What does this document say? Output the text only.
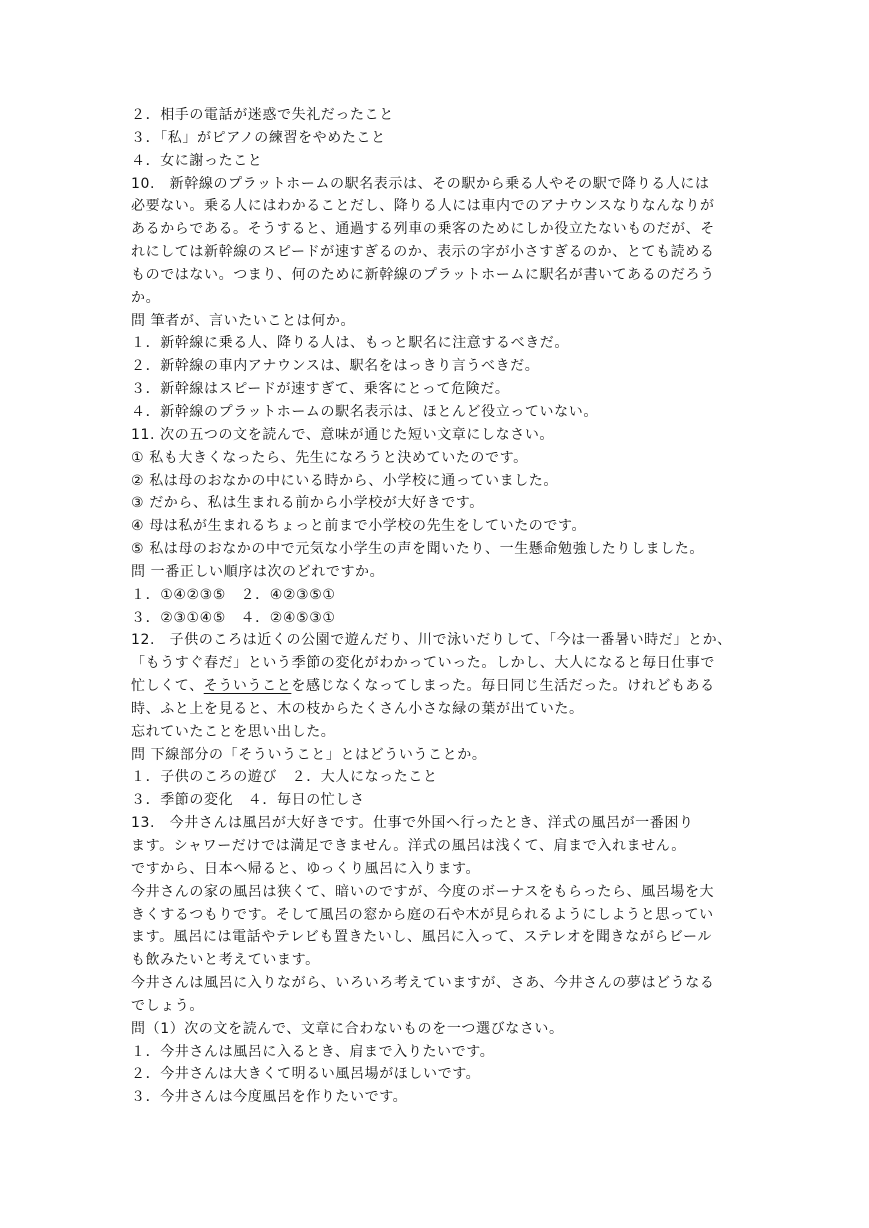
２．相手の電話が迷惑で失礼だったこと
３．「私」がピアノの練習をやめたこと
４．女に謝ったこと
10.　新幹線のプラットホームの駅名表示は、その駅から乗る人やその駅で降りる人には
必要ない。乗る人にはわかることだし、降りる人には車内でのアナウンスなりなんなりが
あるからである。そうすると、通過する列車の乗客のためにしか役立たないものだが、そ
れにしては新幹線のスピードが速すぎるのか、表示の字が小さすぎるのか、とても読める
ものではない。つまり、何のために新幹線のプラットホームに駅名が書いてあるのだろう
か。
問 筆者が、言いたいことは何か。
１．新幹線に乗る人、降りる人は、もっと駅名に注意するべきだ。
２．新幹線の車内アナウンスは、駅名をはっきり言うべきだ。
３．新幹線はスピードが速すぎて、乗客にとって危険だ。
４．新幹線のプラットホームの駅名表示は、ほとんど役立っていない。
11. 次の五つの文を読んで、意味が通じた短い文章にしなさい。
① 私も大きくなったら、先生になろうと決めていたのです。
② 私は母のおなかの中にいる時から、小学校に通っていました。
③ だから、私は生まれる前から小学校が大好きです。
④ 母は私が生まれるちょっと前まで小学校の先生をしていたのです。
⑤ 私は母のおなかの中で元気な小学生の声を聞いたり、一生懸命勉強したりしました。
問 一番正しい順序は次のどれですか。
１．①④②③⑤　２．④②③⑤①
３．②③①④⑤　４．②④⑤③①
12.　子供のころは近くの公園で遊んだり、川で泳いだりして、「今は一番暑い時だ」とか、
「もうすぐ春だ」という季節の変化がわかっていった。しかし、大人になると毎日仕事で
忙しくて、そういうことを感じなくなってしまった。毎日同じ生活だった。けれどもある
時、ふと上を見ると、木の枝からたくさん小さな緑の葉が出ていた。
忘れていたことを思い出した。
問 下線部分の「そういうこと」とはどういうことか。
１．子供のころの遊び　２．大人になったこと
３．季節の変化　４．毎日の忙しさ
13.　今井さんは風呂が大好きです。仕事で外国へ行ったとき、洋式の風呂が一番困り
ます。シャワーだけでは満足できません。洋式の風呂は浅くて、肩まで入れません。
ですから、日本へ帰ると、ゆっくり風呂に入ります。
今井さんの家の風呂は狭くて、暗いのですが、今度のボーナスをもらったら、風呂場を大
きくするつもりです。そして風呂の窓から庭の石や木が見られるようにしようと思ってい
ます。風呂には電話やテレビも置きたいし、風呂に入って、ステレオを聞きながらビール
も飲みたいと考えています。
今井さんは風呂に入りながら、いろいろ考えていますが、さあ、今井さんの夢はどうなる
でしょう。
問（1）次の文を読んで、文章に合わないものを一つ選びなさい。
１．今井さんは風呂に入るとき、肩まで入りたいです。
２．今井さんは大きくて明るい風呂場がほしいです。
３．今井さんは今度風呂を作りたいです。
